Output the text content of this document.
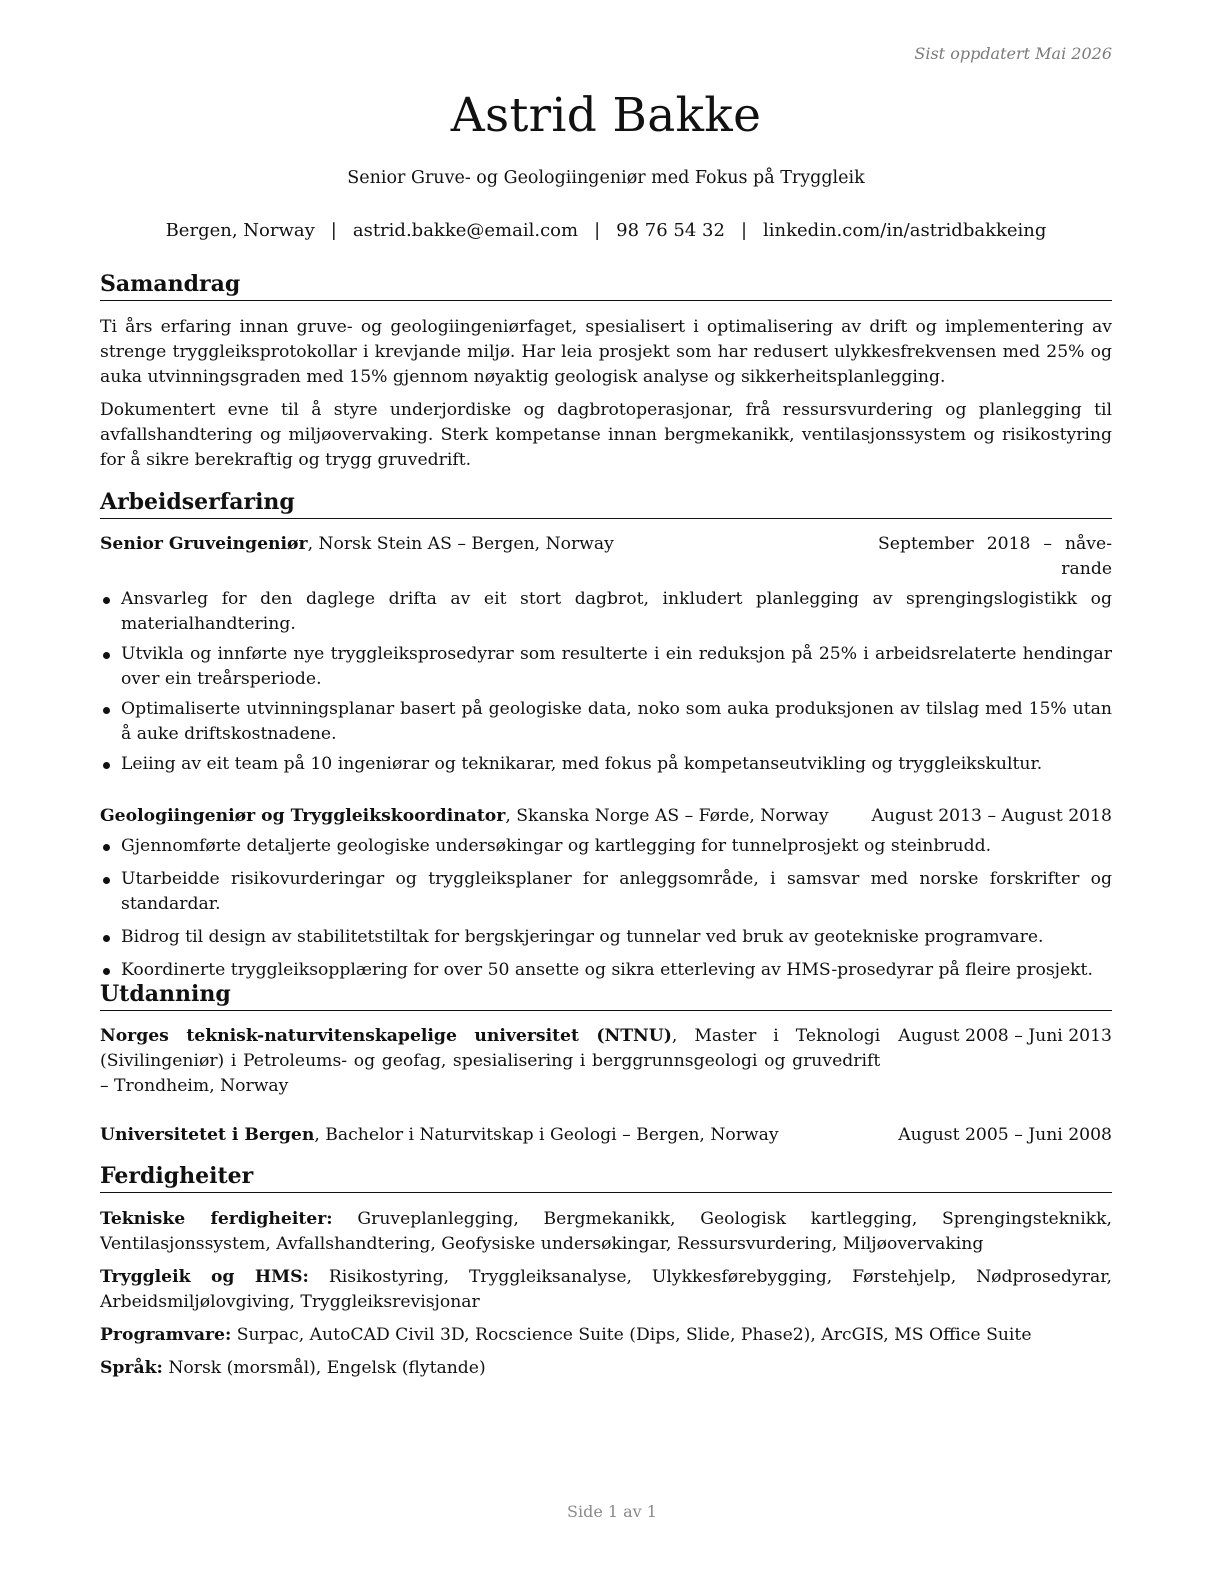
Sist oppdatert Mai 2026
Astrid Bakke
Senior Gruve- og Geologiingeniør med Fokus på Tryggleik
Bergen, Norway | astrid.bakke@email.com | 98 76 54 32 | linkedin.com/in/astridbakkeing
Samandrag

Ti års erfaring innan gruve- og geologiingeniørfaget, spesialisert i optimalisering av drift og implementering av strenge tryggleiksprotokollar i krevjande miljø. Har leia prosjekt som har redusert ulykkesfrekvensen med 25% og auka utvinningsgraden med 15% gjennom nøyaktig geologisk analyse og sikkerheitsplanlegging.

Dokumentert evne til å styre underjordiske og dagbrotoperasjonar, frå ressursvurdering og planlegging til avfallshandtering og miljøovervaking. Sterk kompetanse innan bergmekanikk, ventilasjonssystem og risikostyring for å sikre berekraftig og trygg gruvedrift.

Arbeidserfaring
Senior Gruveingeniør, Norsk Stein AS – Bergen, Norway	September 2018 – nåverande
Ansvarleg for den daglege drifta av eit stort dagbrot, inkludert planlegging av sprengingslogistikk og materialhandtering.
Utvikla og innførte nye tryggleiksprosedyrar som resulterte i ein reduksjon på 25% i arbeidsrelaterte hendingar over ein treårsperiode.
Optimaliserte utvinningsplanar basert på geologiske data, noko som auka produksjonen av tilslag med 15% utan å auke driftskostnadene.
Leiing av eit team på 10 ingeniørar og teknikarar, med fokus på kompetanseutvikling og tryggleikskultur.
Geologiingeniør og Tryggleikskoordinator, Skanska Norge AS – Førde, Norway	August 2013 – August 2018
Gjennomførte detaljerte geologiske undersøkingar og kartlegging for tunnelprosjekt og steinbrudd.
Utarbeidde risikovurderingar og tryggleiksplaner for anleggsområde, i samsvar med norske forskrifter og standardar.
Bidrog til design av stabilitetstiltak for bergskjeringar og tunnelar ved bruk av geotekniske programvare.
Koordinerte tryggleiksopplæring for over 50 ansette og sikra etterleving av HMS-prosedyrar på fleire prosjekt.
Utdanning
Norges teknisk-naturvitenskapelige universitet (NTNU), Master i Teknologi (Sivilingeniør) i Petroleums- og geofag, spesialisering i berggrunnsgeologi og gruvedrift – Trondheim, Norway
August 2008 – Juni 2013
Universitetet i Bergen, Bachelor i Naturvitskap i Geologi – Bergen, Norway	August 2005 – Juni 2008
Ferdigheiter
Tekniske ferdigheiter: Gruveplanlegging, Bergmekanikk, Geologisk kartlegging, Sprengingsteknikk, Ventilasjonssystem, Avfallshandtering, Geofysiske undersøkingar, Ressursvurdering, Miljøovervaking
Tryggleik og HMS: Risikostyring, Tryggleiksanalyse, Ulykkesførebygging, Førstehjelp, Nødprosedyrar, Arbeidsmiljølovgiving, Tryggleiksrevisjonar
Programvare: Surpac, AutoCAD Civil 3D, Rocscience Suite (Dips, Slide, Phase2), ArcGIS, MS Office Suite
Språk: Norsk (morsmål), Engelsk (flytande)
Side 1 av 1
